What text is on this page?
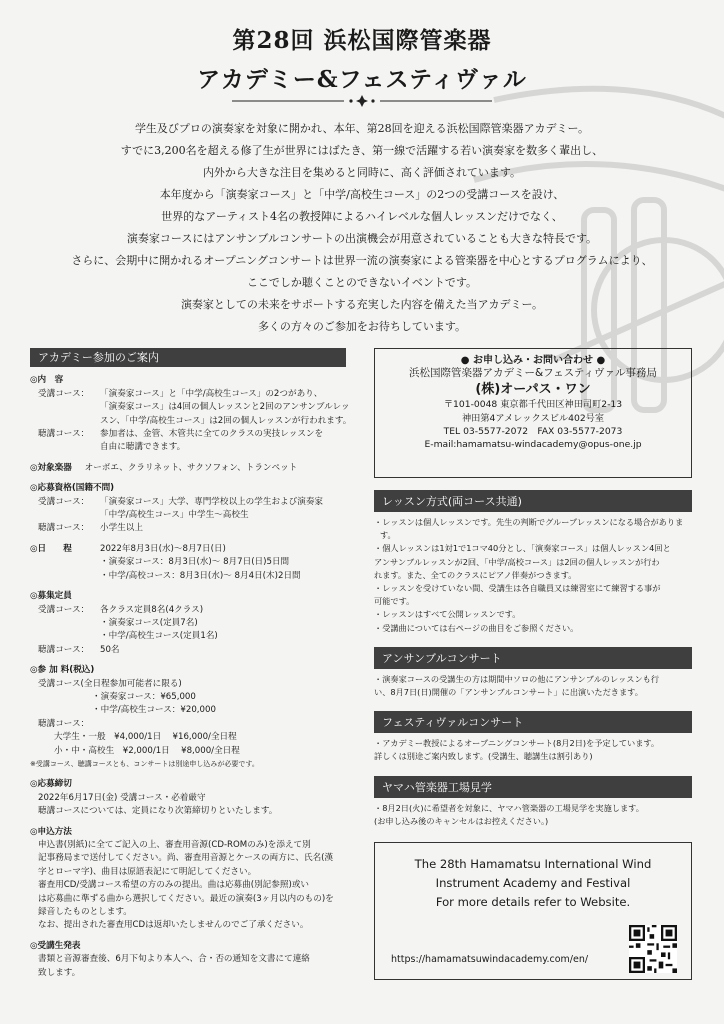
第28回 浜松国際管楽器
アカデミー&フェスティヴァル

学生及びプロの演奏家を対象に開かれ、本年、第28回を迎える浜松国際管楽器アカデミー。

すでに3,200名を超える修了生が世界にはばたき、第一線で活躍する若い演奏家を数多く輩出し、

内外から大きな注目を集めると同時に、高く評価されています。

本年度から「演奏家コース」と「中学/高校生コース」の2つの受講コースを設け、

世界的なアーティスト4名の教授陣によるハイレベルな個人レッスンだけでなく、

演奏家コースにはアンサンブルコンサートの出演機会が用意されていることも大きな特長です。

さらに、会期中に開かれるオープニングコンサートは世界一流の演奏家による管楽器を中心とするプログラムにより、

ここでしか聴くことのできないイベントです。

演奏家としての未来をサポートする充実した内容を備えた当アカデミー。

多くの方々のご参加をお待ちしています。

アカデミー参加のご案内
◎内　容
受講コース：	「演奏家コース」と「中学/高校生コース」の2つがあり、
「演奏家コース」は4回の個人レッスンと2回のアンサンブルレッ
スン、「中学/高校生コース」は2回の個人レッスンが行われます。
聴講コース：	参加者は、金管、木管共に全てのクラスの実技レッスンを
自由に聴講できます。
◎対象楽器 オーボエ、クラリネット、サクソフォン、トランペット
◎応募資格(国籍不問)
受講コース：	「演奏家コース」大学、専門学校以上の学生および演奏家
「中学/高校生コース」中学生〜高校生
聴講コース：	小学生以上
◎日　　程	2022年8月3日(水)〜8月7日(日)
・演奏家コース：8月3日(水)〜 8月7日(日)5日間
・中学/高校コース：8月3日(水)〜 8月4日(木)2日間
◎募集定員
受講コース：	各クラス定員8名(4クラス)
・演奏家コース(定員7名)
・中学/高校生コース(定員1名)
聴講コース：	50名
◎参 加 料(税込)
受講コース(全日程参加可能者に限る)
・演奏家コース：¥65,000
・中学/高校生コース：¥20,000
聴講コース：
大学生・一般　¥4,000/1日　 ¥16,000/全日程
小・中・高校生　¥2,000/1日　 ¥8,000/全日程
※受講コース、聴講コースとも、コンサートは別途申し込みが必要です。
◎応募締切
2022年6月17日(金) 受講コース・必着厳守
聴講コースについては、定員になり次第締切りといたします。
◎申込方法
申込書(別紙)に全てご記入の上、審査用音源(CD-ROMのみ)を添えて別
記事務局まで送付してください。尚、審査用音源とケースの両方に、氏名(漢
字とローマ字)、曲目は原語表記にて明記してください。
審査用CD/受講コース希望の方のみの提出。曲は応募曲(別記参照)或い
は応募曲に準ずる曲から選択してください。最近の演奏(3ヶ月以内のもの)を
録音したものとします。
なお、提出された審査用CDは返却いたしませんのでご了承ください。
◎受講生発表
書類と音源審査後、6月下旬より本人へ、合・否の通知を文書にて連絡
致します。
● お申し込み・お問い合わせ ●
浜松国際管楽器アカデミー&フェスティヴァル事務局
(株)オーパス・ワン
〒101-0048 東京都千代田区神田司町2-13
神田第4アメレックスビル402号室
TEL 03-5577-2072　FAX 03-5577-2073
E-mail:hamamatsu-windacademy@opus-one.jp
レッスン方式(両コース共通)
・レッスンは個人レッスンです。先生の判断でグループレッスンになる場合があります。
・個人レッスンは1対1で1コマ40分とし、「演奏家コース」は個人レッスン4回と
アンサンブルレッスンが2回、「中学/高校コース」は2回の個人レッスンが行わ
れます。また、全てのクラスにピアノ伴奏がつきます。
・レッスンを受けていない間、受講生は各自職員又は練習室にて練習する事が
可能です。
・レッスンはすべて公開レッスンです。
・受講曲については右ページの曲目をご参照ください。
アンサンブルコンサート
・演奏家コースの受講生の方は期間中ソロの他にアンサンブルのレッスンも行
い、8月7日(日)開催の「アンサンブルコンサート」に出演いただきます。
フェスティヴァルコンサート
・アカデミー教授によるオープニングコンサート(8月2日)を予定しています。
詳しくは別途ご案内致します。(受講生、聴講生は割引あり)
ヤマハ管楽器工場見学
・8月2日(火)に希望者を対象に、ヤマハ管楽器の工場見学を実施します。
(お申し込み後のキャンセルはお控えください。)
The 28th Hamamatsu International Wind
Instrument Academy and Festival
For more details refer to Website.
https://hamamatsuwindacademy.com/en/
